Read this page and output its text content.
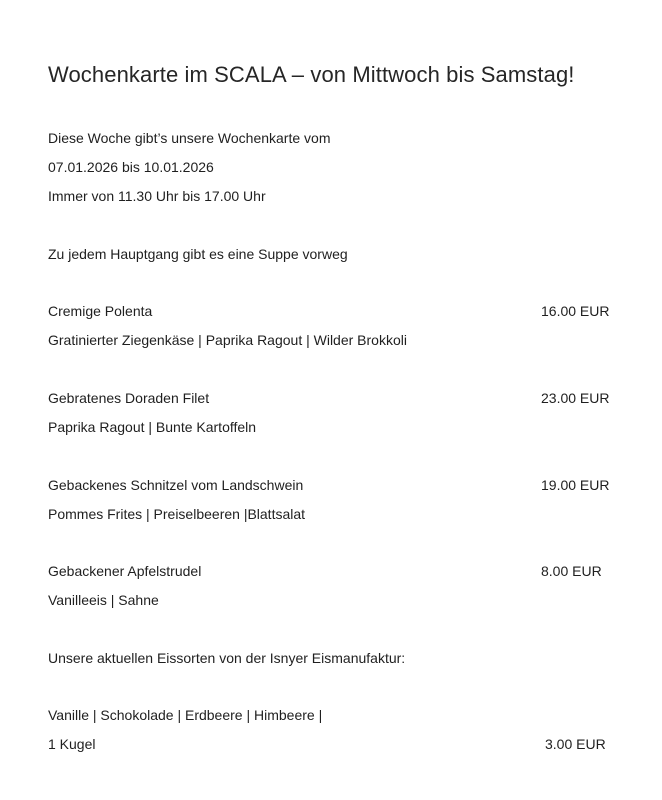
Wochenkarte im SCALA – von Mittwoch bis Samstag!
Diese Woche gibt’s unsere Wochenkarte vom
07.01.2026 bis 10.01.2026
Immer von 11.30 Uhr bis 17.00 Uhr
Zu jedem Hauptgang gibt es eine Suppe vorweg
Cremige Polenta	16.00 EUR
Gratinierter Ziegenkäse | Paprika Ragout | Wilder Brokkoli
Gebratenes Doraden Filet	23.00 EUR
Paprika Ragout | Bunte Kartoffeln
Gebackenes Schnitzel vom Landschwein	19.00 EUR
Pommes Frites | Preiselbeeren |Blattsalat
Gebackener Apfelstrudel	8.00 EUR
Vanilleeis | Sahne
Unsere aktuellen Eissorten von der Isnyer Eismanufaktur:
Vanille | Schokolade | Erdbeere | Himbeere |
1 Kugel	3.00 EUR
